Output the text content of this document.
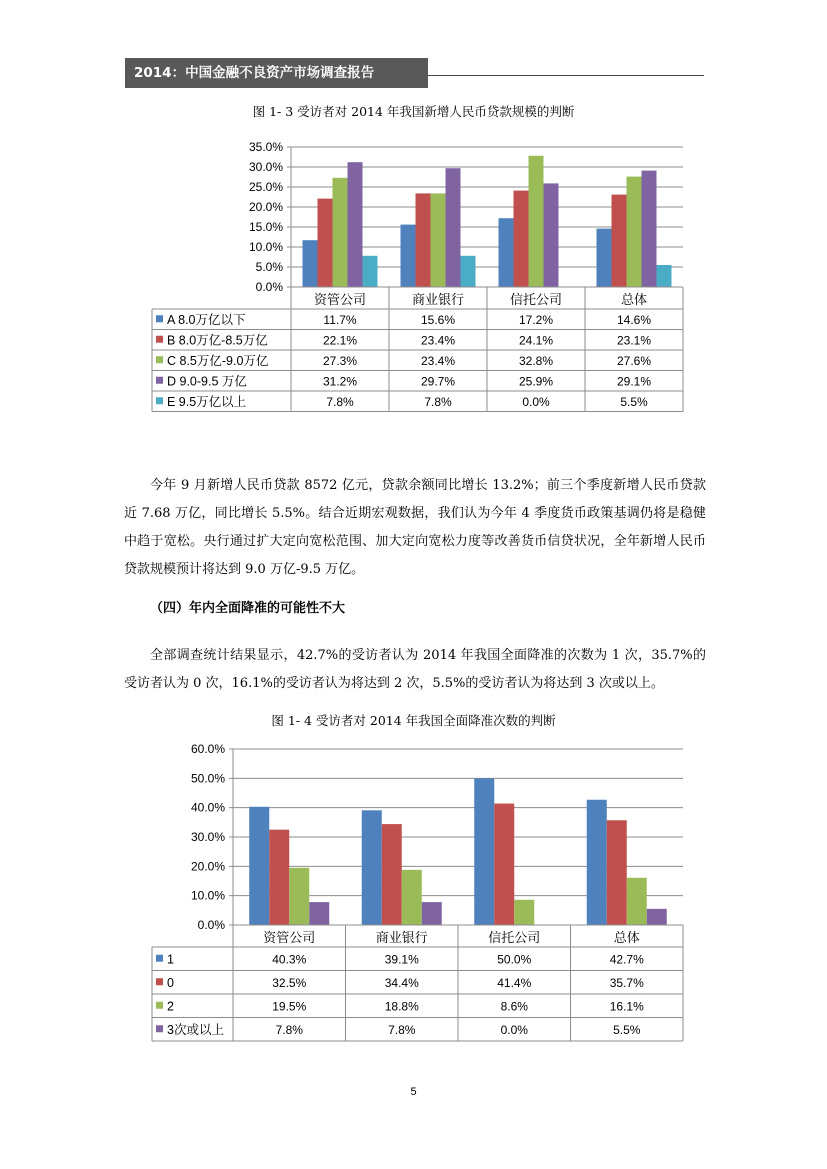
2014：中国金融不良资产市场调查报告
图 1- 3 受访者对 2014 年我国新增人民币贷款规模的判断
0.0%
5.0%
10.0%
15.0%
20.0%
25.0%
30.0%
35.0%
资管公司	商业银行	信托公司	总体
A 8.0万亿以下	11.7%	15.6%	17.2%	14.6%
B 8.0万亿-8.5万亿	22.1%	23.4%	24.1%	23.1%
C 8.5万亿-9.0万亿	27.3%	23.4%	32.8%	27.6%
D 9.0-9.5 万亿	31.2%	29.7%	25.9%	29.1%
E 9.5万亿以上	7.8%	7.8%	0.0%	5.5%
今年 9 月新增人民币贷款 8572 亿元，贷款余额同比增长 13.2%；前三个季度新增人民币贷款近 7.68 万亿，同比增长 5.5%。结合近期宏观数据，我们认为今年 4 季度货币政策基调仍将是稳健中趋于宽松。央行通过扩大定向宽松范围、加大定向宽松力度等改善货币信贷状况，全年新增人民币贷款规模预计将达到 9.0 万亿-9.5 万亿。
（四）年内全面降准的可能性不大
全部调查统计结果显示，42.7%的受访者认为 2014 年我国全面降准的次数为 1 次，35.7%的受访者认为 0 次，16.1%的受访者认为将达到 2 次，5.5%的受访者认为将达到 3 次或以上。
图 1- 4 受访者对 2014 年我国全面降准次数的判断
0.0%
10.0%
20.0%
30.0%
40.0%
50.0%
60.0%
资管公司	商业银行	信托公司	总体
1	40.3%	39.1%	50.0%	42.7%
0	32.5%	34.4%	41.4%	35.7%
2	19.5%	18.8%	8.6%	16.1%
3次或以上	7.8%	7.8%	0.0%	5.5%
5
